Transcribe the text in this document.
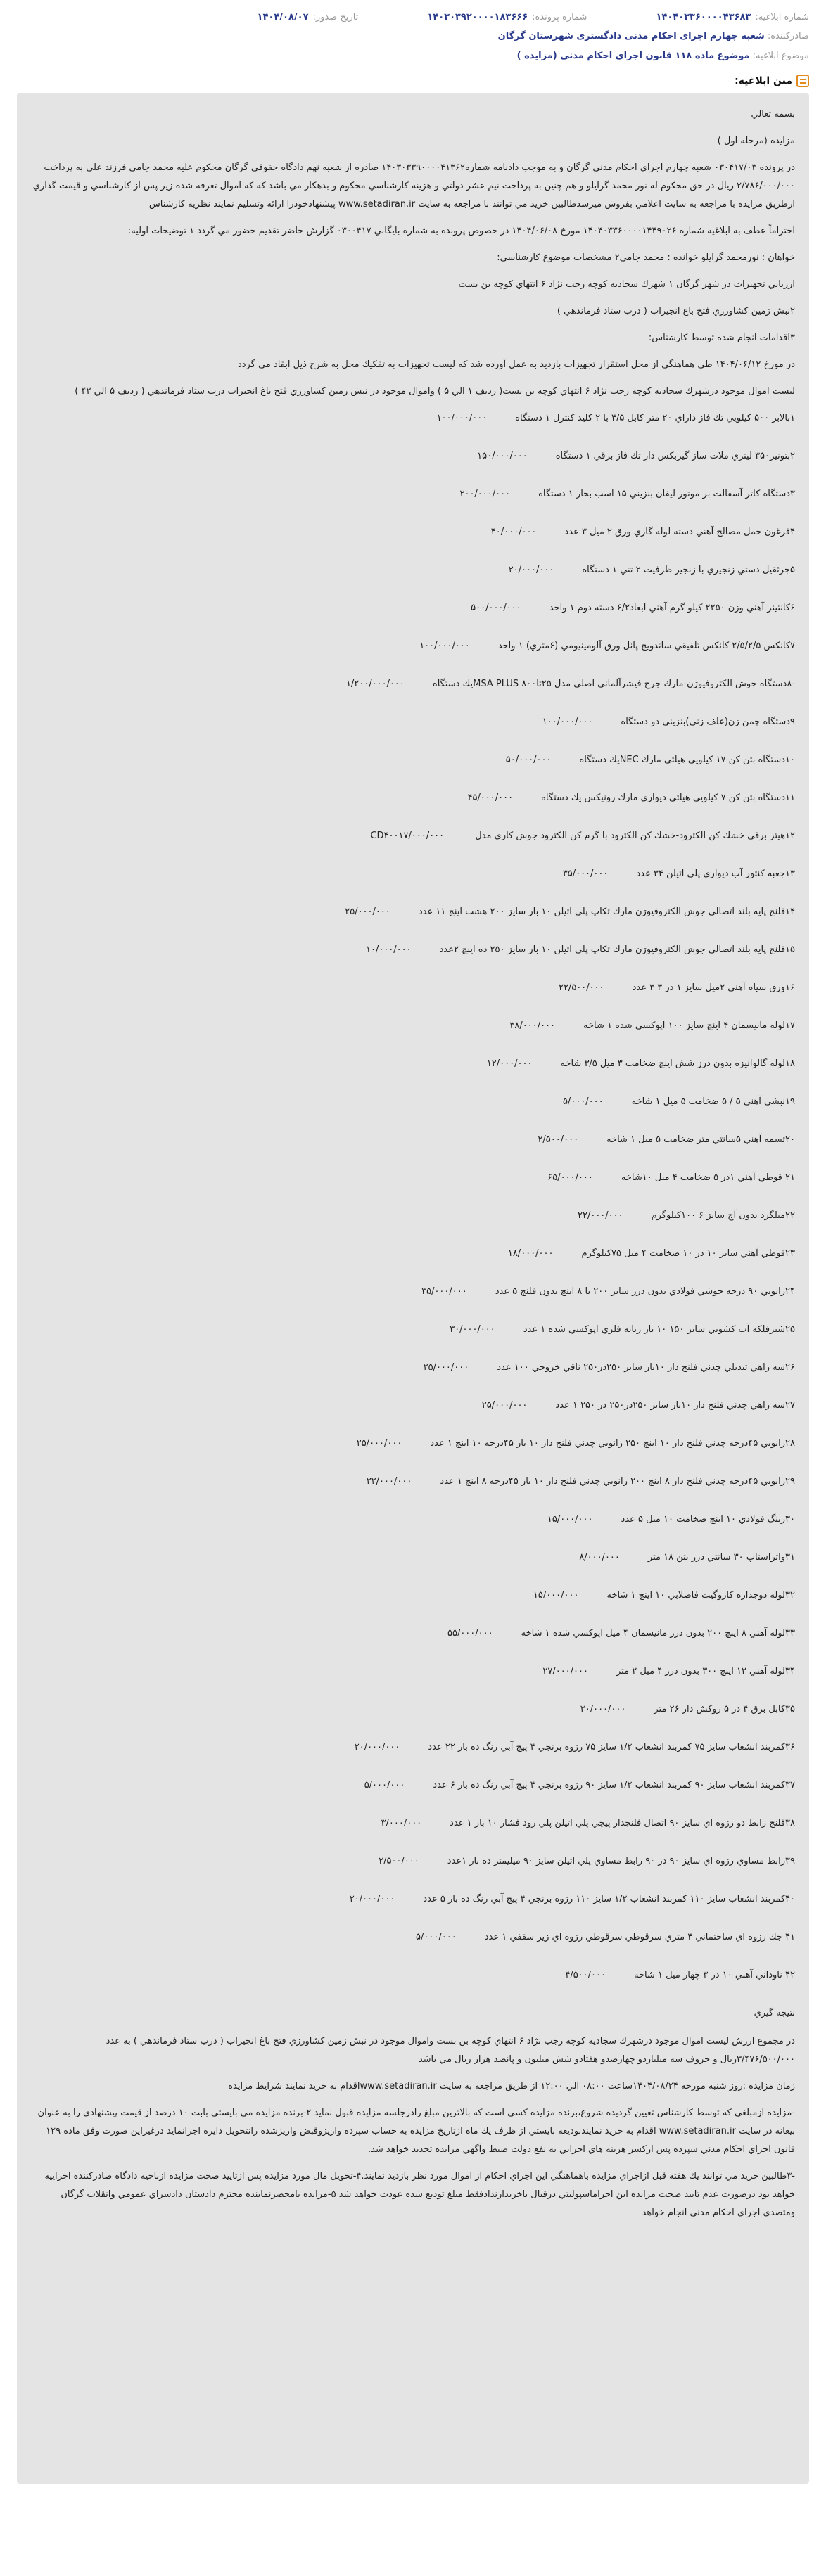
شماره ابلاغیه:
۱۴۰۴۰۳۳۶۰۰۰۰۴۳۶۸۳
شماره پرونده:
۱۴۰۳۰۳۹۲۰۰۰۰۱۸۳۶۶۶
تاریخ صدور:
۱۴۰۴/۰۸/۰۷
صادرکننده: شعبه چهارم اجرای احکام مدنی دادگستری شهرستان گرگان
موضوع ابلاغیه: موضوع ماده ۱۱۸ قانون اجرای احکام مدنی (مزایده )
متن ابلاغیه:

بسمه تعالي

مزایده (مرحله اول )

در پرونده ۰۳۰۴۱۷/۰۳ شعبه چهارم اجرای احکام مدني گرگان و به موجب دادنامه شماره۱۴۰۳۰۳۳۹۰۰۰۰۴۱۳۶۲ صادره از شعبه نهم دادگاه حقوقي گرگان محکوم علیه محمد جامي فرزند علي به پرداخت ۲/۷۸۶/۰۰۰/۰۰۰ ريال در حق محکوم له نور محمد گرايلو و هم چنين به پرداخت نيم عشر دولتي و هزينه کارشناسي محکوم و بدهکار مي باشد که که اموال تعرفه شده زير پس از کارشناسي و قيمت گذاري ازطريق مزايده با مراجعه به سايت اعلامي بفروش ميرسدطالبين خريد مي توانند با مراجعه به سايت www.setadiran.ir پيشنهادخودرا ارائه وتسليم نمايند نظريه کارشناس

احتراماً عطف به ابلاغيه شماره ۱۴۰۴۰۳۳۶۰۰۰۰۱۴۴۹۰۲۶ مورخ ۱۴۰۴/۰۶/۰۸ در خصوص پرونده به شماره بايگاني ۰۳۰۰۴۱۷ گزارش حاضر تقديم حضور مي گردد ۱ توضيحات اوليه:

خواهان : نورمحمد گرايلو خوانده : محمد جامي۲ مشخصات موضوع کارشناسي:

ارزيابي تجهيزات در شهر گرگان ۱ شهرك سجاديه کوچه رجب نژاد ۶ انتهاي کوچه بن بست

۲نبش زمين کشاورزي فتح باغ انجيراب ( درب ستاد فرماندهي )

۳اقدامات انجام شده توسط کارشناس:

در مورخ ۱۴۰۴/۰۶/۱۲ طي هماهنگي از محل استقرار تجهيزات بازديد به عمل آورده شد که ليست تجهيزات به تفکيك محل به شرح ذيل ابقاد مي گردد

ليست اموال موجود درشهرك سجاديه کوچه رجب نژاد ۶ انتهاي کوچه بن بست( رديف ۱ الي ۵ ) واموال موجود در نبش زمين کشاورزي فتح باغ انجيراب درب ستاد فرماندهي ( رديف ۵ الي ۴۲ )

۱بالابر ۵۰۰ کيلويي تك فاز داراي ۲۰ متر کابل ۴/۵ با ۲ کليد کنترل ۱ دستگاه۱۰۰/۰۰۰/۰۰۰
۲بتونير۳۵۰ ليتري ملات ساز گيربکس دار تك فاز برقي ۱ دستگاه۱۵۰/۰۰۰/۰۰۰
۳دستگاه کاتر آسفالت بر موتور ليفان بنزيني ۱۵ اسب بخار ۱ دستگاه۲۰۰/۰۰۰/۰۰۰
۴فرغون حمل مصالح آهني دسته لوله گازي ورق ۲ ميل ۳ عدد۴۰/۰۰۰/۰۰۰
۵جرثقيل دستي زنجيري با زنجير ظرفيت ۲ تني ۱ دستگاه۲۰/۰۰۰/۰۰۰
۶کانتينر آهني وزن ۲۲۵۰ کيلو گرم آهني ابعاد۶/۲ دسته دوم ۱ واحد۵۰۰/۰۰۰/۰۰۰
۷کانکس ۲/۵/۲/۵ کانکس تلفيقي ساندويچ پانل ورق آلومينيومي (۶متري) ۱ واحد۱۰۰/۰۰۰/۰۰۰
-۸دستگاه جوش الکتروفيوژن-مارك جرج فيشرآلماني اصلي مدل ۲۵تا۸۰۰ MSA PLUSيك دستگاه۱/۲۰۰/۰۰۰/۰۰۰
۹دستگاه چمن زن(علف زني)بنزيني دو دستگاه۱۰۰/۰۰۰/۰۰۰
۱۰دستگاه بتن کن ۱۷ کيلويي هيلتي مارك NECيك دستگاه۵۰/۰۰۰/۰۰۰
۱۱دستگاه بتن کن ۷ کيلويي هيلتي ديواري مارك رونيکس يك دستگاه۴۵/۰۰۰/۰۰۰
۱۲هيتر برقي خشك کن الکترود-خشك کن الکترود با گرم کن الکترود جوش کاري مدل CD۴۰۰۱۷/۰۰۰/۰۰۰
۱۳جعبه کنتور آب ديواري پلي اتيلن ۳۴ عدد۳۵/۰۰۰/۰۰۰
۱۴فلنج پايه بلند اتصالي جوش الکتروفيوژن مارك تکاپ پلي اتيلن ۱۰ بار سايز ۲۰۰ هشت اينچ ۱۱ عدد۲۵/۰۰۰/۰۰۰
۱۵فلنج پايه بلند اتصالي جوش الکتروفيوژن مارك تکاپ پلي اتيلن ۱۰ بار سايز ۲۵۰ ده اينچ ۲عدد۱۰/۰۰۰/۰۰۰
۱۶ورق سياه آهني ۲ميل سايز ۱ در ۳ ۳ عدد۲۲/۵۰۰/۰۰۰
۱۷لوله مانيسمان ۴ اينچ سايز ۱۰۰ اپوکسي شده ۱ شاخه۳۸/۰۰۰/۰۰۰
۱۸لوله گالوانيزه بدون درز شش اينچ ضخامت ۳ ميل ۳/۵ شاخه۱۲/۰۰۰/۰۰۰
۱۹نبشي آهني ۵ / ۵ ضخامت ۵ ميل ۱ شاخه۵/۰۰۰/۰۰۰
۲۰تسمه آهني ۵سانتي متر ضخامت ۵ ميل ۱ شاخه۲/۵۰۰/۰۰۰
۲۱ قوطي آهني ۱در ۵ ضخامت ۴ ميل ۱۰شاخه۶۵/۰۰۰/۰۰۰
۲۲ميلگرد بدون آج سايز ۶ ۱۰۰کيلوگرم۲۲/۰۰۰/۰۰۰
۲۳قوطي آهني سايز ۱۰ در ۱۰ ضخامت ۴ ميل ۷۵کيلوگرم۱۸/۰۰۰/۰۰۰
۲۴زانويي ۹۰ درجه جوشي فولادي بدون درز سايز ۲۰۰ يا ۸ اينچ بدون فلنج ۵ عدد۳۵/۰۰۰/۰۰۰
۲۵شيرفلکه آب کشويي سايز ۱۵۰ ۱۰ بار زبانه فلزي اپوکسي شده ۱ عدد۳۰/۰۰۰/۰۰۰
۲۶سه راهي تبديلي چدني فلنج دار ۱۰بار سايز ۲۵۰در۲۵۰ ناقي خروجي ۱۰۰ عدد۲۵/۰۰۰/۰۰۰
۲۷سه راهي چدني فلنج دار ۱۰بار سايز ۲۵۰در۲۵۰ در ۲۵۰ ۱ عدد۲۵/۰۰۰/۰۰۰
۲۸زانويي ۴۵درجه چدني فلنج دار ۱۰ اينچ ۲۵۰ زانويي چدني فلنج دار ۱۰ بار ۴۵درجه ۱۰ اينچ ۱ عدد۲۵/۰۰۰/۰۰۰
۲۹زانويي ۴۵درجه چدني فلنج دار ۸ اينچ ۲۰۰ زانويي چدني فلنج دار ۱۰ بار ۴۵درجه ۸ اينچ ۱ عدد۲۲/۰۰۰/۰۰۰
۳۰رينگ فولادي ۱۰ اينچ ضخامت ۱۰ ميل ۵ عدد۱۵/۰۰۰/۰۰۰
۳۱واتراستاپ ۳۰ سانتي درز بتن ۱۸ متر۸/۰۰۰/۰۰۰
۳۲لوله دوجداره کاروگيت فاضلابي ۱۰ اينچ ۱ شاخه۱۵/۰۰۰/۰۰۰
۳۳لوله آهني ۸ اينچ ۲۰۰ بدون درز مانيسمان ۴ ميل اپوکسي شده ۱ شاخه۵۵/۰۰۰/۰۰۰
۳۴لوله آهني ۱۲ اينچ ۳۰۰ بدون درز ۴ ميل ۲ متر۲۷/۰۰۰/۰۰۰
۳۵کابل برق ۴ در ۵ روکش دار ۲۶ متر۳۰/۰۰۰/۰۰۰
۳۶کمربند انشعاب سايز ۷۵ کمربند انشعاب ۱/۲ سايز ۷۵ رزوه برنجي ۴ پيچ آبي رنگ ده بار ۲۲ عدد۲۰/۰۰۰/۰۰۰
۳۷کمربند انشعاب سايز ۹۰ کمربند انشعاب ۱/۲ سايز ۹۰ رزوه برنجي ۴ پيچ آبي رنگ ده بار ۶ عدد۵/۰۰۰/۰۰۰
۳۸فلنج رابط دو رزوه اي سايز ۹۰ اتصال فلنجدار پيچي پلي اتيلن پلي رود فشار ۱۰ بار ۱ عدد۳/۰۰۰/۰۰۰
۳۹رابط مساوي رزوه اي سايز ۹۰ در ۹۰ رابط مساوي پلي اتيلن سايز ۹۰ ميليمتر ده بار ۱عدد۲/۵۰۰/۰۰۰
۴۰کمربند انشعاب سايز ۱۱۰ کمربند انشعاب ۱/۲ سايز ۱۱۰ رزوه برنجي ۴ پيچ آبي رنگ ده بار ۵ عدد۲۰/۰۰۰/۰۰۰
۴۱ جك رزوه اي ساختماني ۴ متري سرقوطي سرقوطي رزوه اي زير سقفي ۱ عدد۵/۰۰۰/۰۰۰
۴۲ ناوداني آهني ۱۰ در ۳ چهار ميل ۱ شاخه۴/۵۰۰/۰۰۰

نتيجه گيري

در مجموع ارزش ليست اموال موجود درشهرك سجاديه کوچه رجب نژاد ۶ انتهاي کوچه بن بست واموال موجود در نبش زمين کشاورزي فتح باغ انجيراب ( درب ستاد فرماندهي ) به عدد ۳/۴۷۶/۵۰۰/۰۰۰ريال و حروف سه ميلياردو چهارصدو هفتادو شش ميليون و پانصد هزار ريال مي باشد

زمان مزايده :روز شنبه مورخه ۱۴۰۴/۰۸/۲۴ساعت ۰۸:۰۰ الي ۱۲:۰۰ از طريق مراجعه به سايت www.setadiran.irاقدام به خريد نمايند شرايط مزايده

-مزايده ازمبلغي که توسط کارشناس تعيين گرديده شروع،برنده مزايده کسي است که بالاترين مبلغ رادرجلسه مزايده قبول نمايد ۲-برنده مزايده مي بايستي بابت ۱۰ درصد از قيمت پيشنهادي را به عنوان بيعانه در سايت www.setadiran.ir اقدام به خريد نمايندبوديعه بايستي از ظرف يك ماه ازتاريخ مزايده به حساب سپرده واريزوقبض واريزشده رانتحويل دايره اجرانمايد درغيراين صورت وفق ماده ۱۲۹ قانون اجراي احکام مدني سپرده پس ازکسر هزينه هاي اجرايي به نفع دولت ضبط وآگهي مزايده تجديد خواهد شد.

-۳طالبين خريد مي توانند يك هفته قبل ازاجراي مزايده باهماهنگي اين اجراي احکام از اموال مورد نظر بازديد نمايند.۴-تحويل مال مورد مزايده پس ازتاييد صحت مزايده ازناحيه دادگاه صادرکننده اجراييه خواهد بود درصورت عدم تاييد صحت مزايده اين اجراماسپوليتي درقبال باخريدارندادفقط مبلغ توديع شده عودت خواهد شد ۵-مزايده بامحضرنماينده محترم دادستان دادسراي عمومي وانقلاب گرگان ومتصدي اجراي احکام مدني انجام خواهد
